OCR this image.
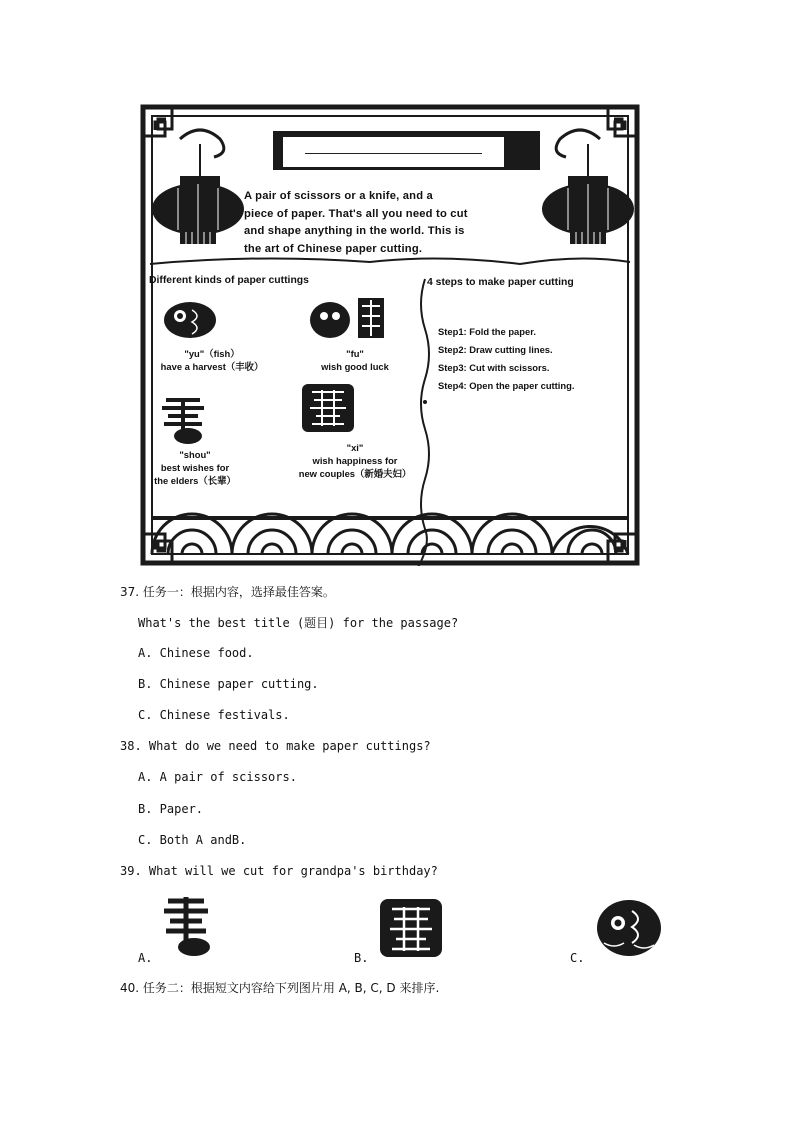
A pair of scissors or a knife, and a
piece of paper. That's all you need to cut
and shape anything in the world. This is
the art of Chinese paper cutting.
Different kinds of paper cuttings	4 steps to make paper cutting
"yu"（fish）
have a harvest（丰收）
"fu"
wish good luck
"shou"
best wishes for
the elders（长辈）
"xi"
wish happiness for
new couples（新婚夫妇）
Step1: Fold the paper.
Step2: Draw cutting lines.
Step3: Cut with scissors.
Step4: Open the paper cutting.
37. 任务一：根据内容，选择最佳答案。
What's the best title (题目) for the passage?
A. Chinese food.
B. Chinese paper cutting.
C. Chinese festivals.
38. What do we need to make paper cuttings?
A. A pair of scissors.
B. Paper.
C. Both A andB.
39. What will we cut for grandpa's birthday?
A.	B.	C.
40. 任务二：根据短文内容给下列图片用 A, B, C, D 来排序.
